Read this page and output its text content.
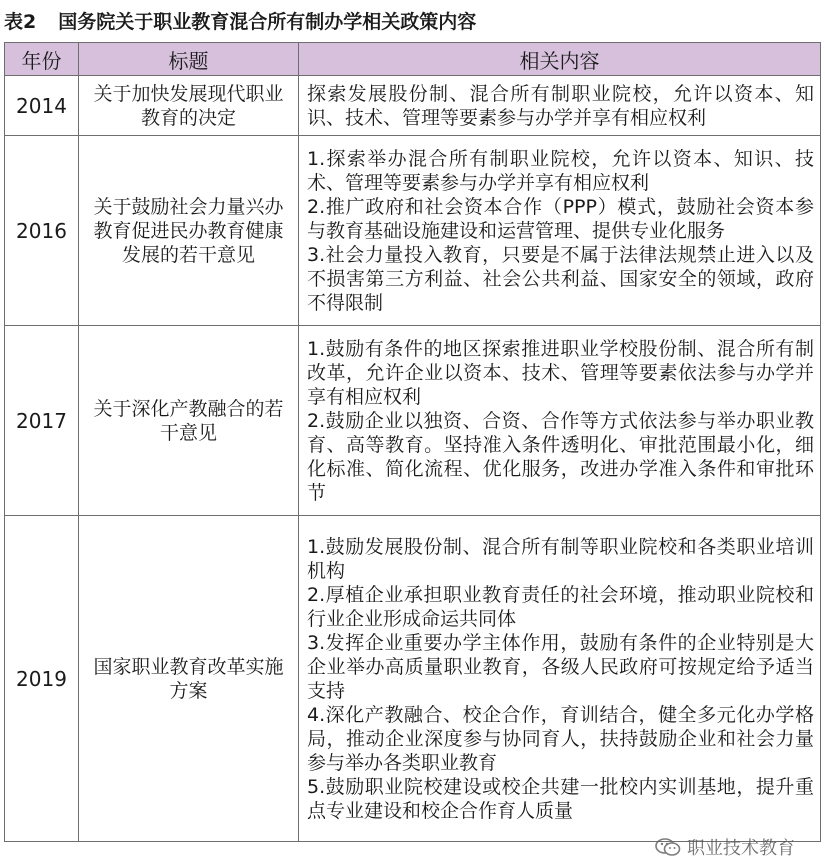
表2 国务院关于职业教育混合所有制办学相关政策内容
年份	标题	相关内容
2014	关于加快发展现代职业教育的决定	探索发展股份制、混合所有制职业院校，允许以资本、知识、技术、管理等要素参与办学并享有相应权利

2016	关于鼓励社会力量兴办教育促进民办教育健康发展的若干意见	1.探索举办混合所有制职业院校，允许以资本、知识、技术、管理等要素参与办学并享有相应权利

2.推广政府和社会资本合作（PPP）模式，鼓励社会资本参与教育基础设施建设和运营管理、提供专业化服务

3.社会力量投入教育，只要是不属于法律法规禁止进入以及不损害第三方利益、社会公共利益、国家安全的领域，政府不得限制

2017	关于深化产教融合的若干意见	1.鼓励有条件的地区探索推进职业学校股份制、混合所有制改革，允许企业以资本、技术、管理等要素依法参与办学并享有相应权利

2.鼓励企业以独资、合资、合作等方式依法参与举办职业教育、高等教育。坚持准入条件透明化、审批范围最小化，细化标准、简化流程、优化服务，改进办学准入条件和审批环节

2019	国家职业教育改革实施方案	1.鼓励发展股份制、混合所有制等职业院校和各类职业培训机构

2.厚植企业承担职业教育责任的社会环境，推动职业院校和行业企业形成命运共同体

3.发挥企业重要办学主体作用，鼓励有条件的企业特别是大企业举办高质量职业教育，各级人民政府可按规定给予适当支持

4.深化产教融合、校企合作，育训结合，健全多元化办学格局，推动企业深度参与协同育人，扶持鼓励企业和社会力量参与举办各类职业教育

5.鼓励职业院校建设或校企共建一批校内实训基地，提升重点专业建设和校企合作育人质量

职业技术教育
